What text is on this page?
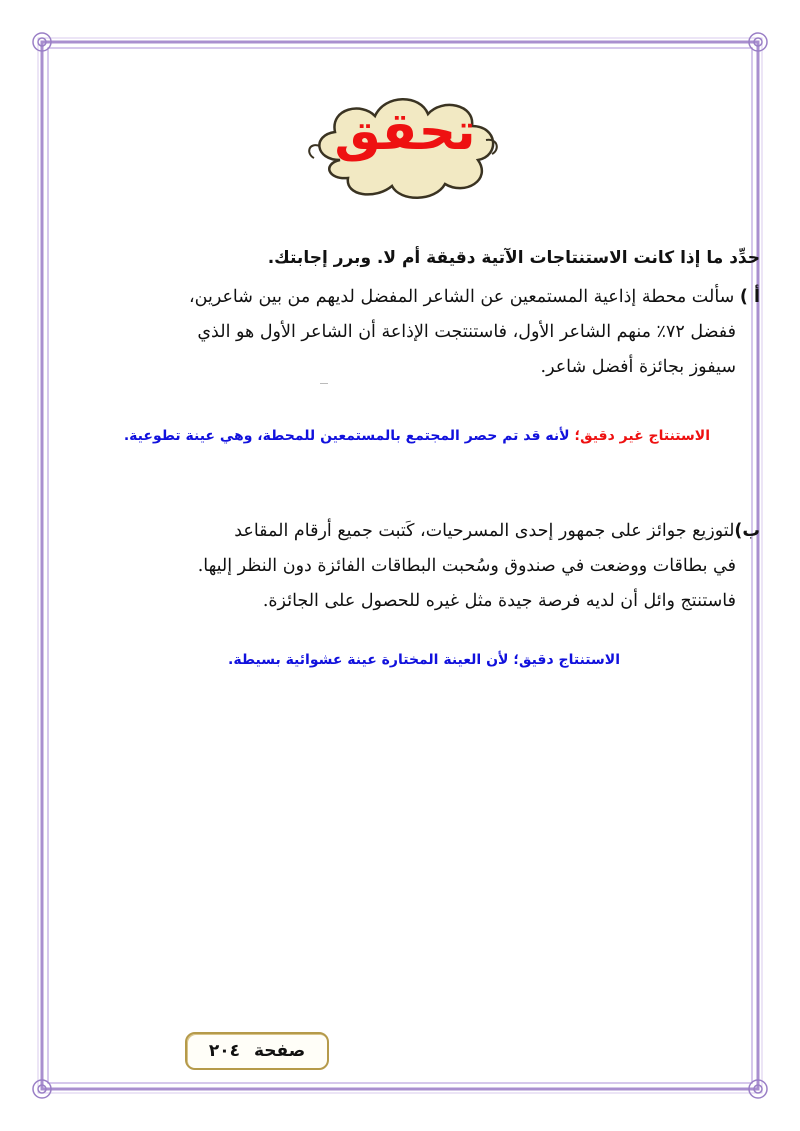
تحقق
حدِّد ما إذا كانت الاستنتاجات الآتية دقيقة أم لا. وبرر إجابتك.
أ ) سألت محطة إذاعية المستمعين عن الشاعر المفضل لديهم من بين شاعرين،
ففضل ٧٢٪ منهم الشاعر الأول، فاستنتجت الإذاعة أن الشاعر الأول هو الذي
سيفوز بجائزة أفضل شاعر.
الاستنتاج غير دقيق؛ لأنه قد تم حصر المجتمع بالمستمعين للمحطة، وهي عينة تطوعية.
ب)لتوزيع جوائز على جمهور إحدى المسرحيات، كَتبت جميع أرقام المقاعد
في بطاقات ووضعت في صندوق وسُحبت البطاقات الفائزة دون النظر إليها.
فاستنتج وائل أن لديه فرصة جيدة مثل غيره للحصول على الجائزة.
الاستنتاج دقيق؛ لأن العينة المختارة عينة عشوائية بسيطة.
صفحة
٢٠٤
